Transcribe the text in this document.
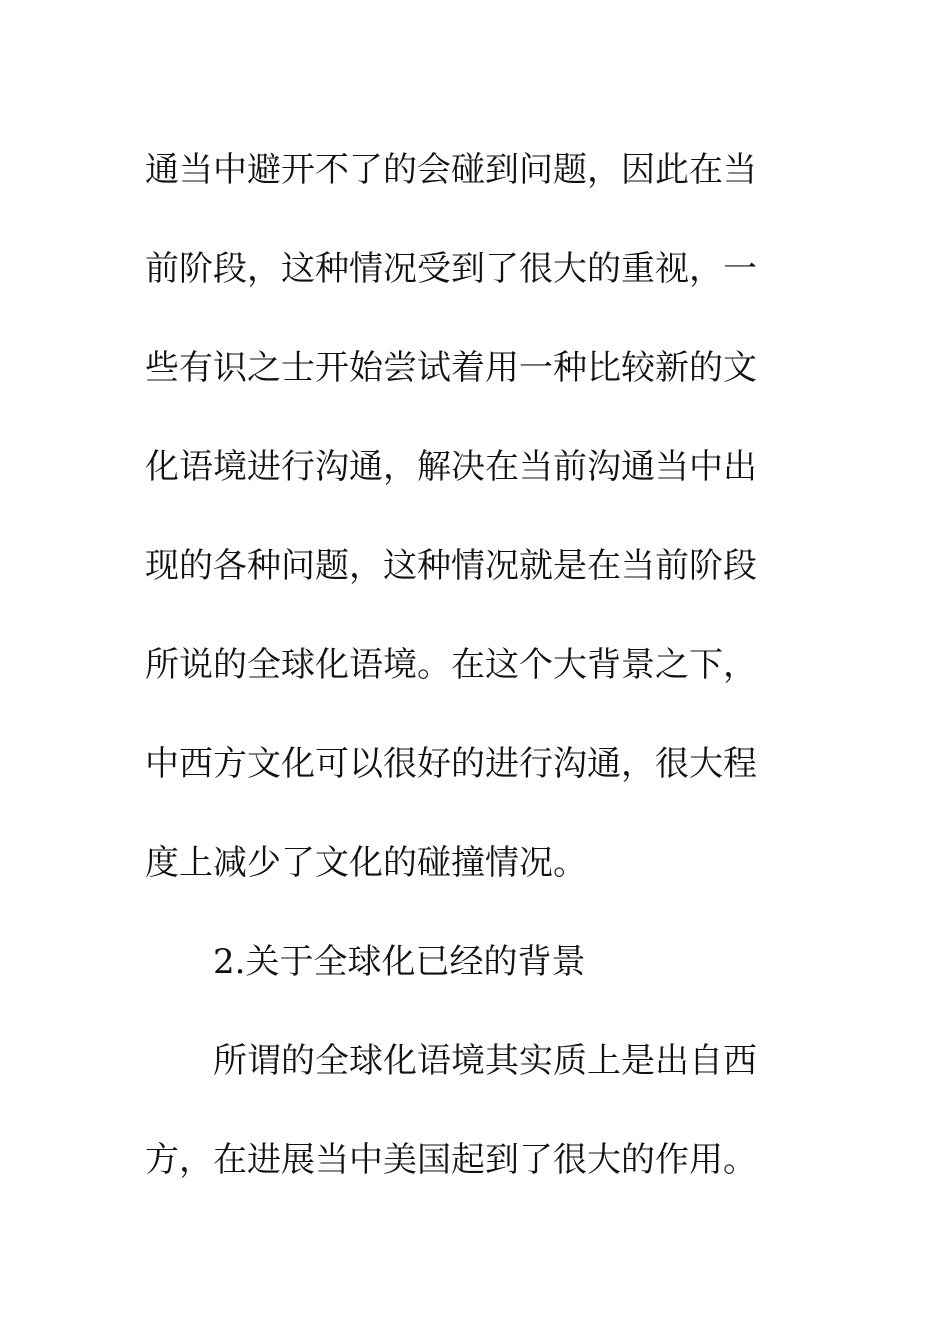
通当中避开不了的会碰到问题，因此在当
前阶段，这种情况受到了很大的重视，一
些有识之士开始尝试着用一种比较新的文
化语境进行沟通，解决在当前沟通当中出
现的各种问题，这种情况就是在当前阶段
所说的全球化语境。在这个大背景之下，
中西方文化可以很好的进行沟通，很大程
度上减少了文化的碰撞情况。
2.关于全球化已经的背景
所谓的全球化语境其实质上是出自西
方，在进展当中美国起到了很大的作用。
